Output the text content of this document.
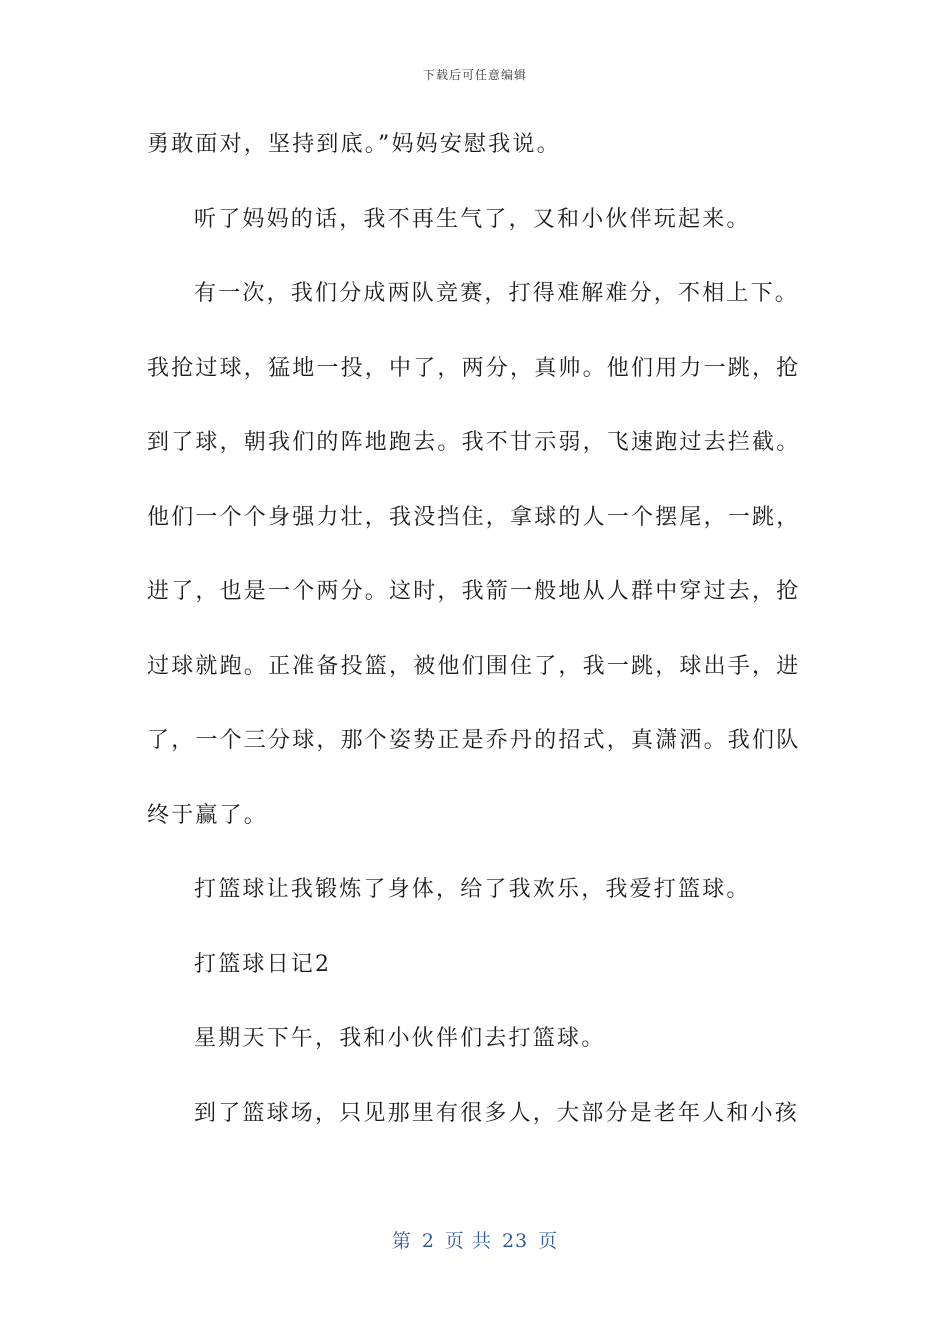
下载后可任意编辑
勇敢面对，坚持到底。”妈妈安慰我说。
听了妈妈的话，我不再生气了，又和小伙伴玩起来。
有一次，我们分成两队竞赛，打得难解难分，不相上下。
我抢过球，猛地一投，中了，两分，真帅。他们用力一跳，抢
到了球，朝我们的阵地跑去。我不甘示弱，飞速跑过去拦截。
他们一个个身强力壮，我没挡住，拿球的人一个摆尾，一跳，
进了，也是一个两分。这时，我箭一般地从人群中穿过去，抢
过球就跑。正准备投篮，被他们围住了，我一跳，球出手，进
了，一个三分球，那个姿势正是乔丹的招式，真潇洒。我们队
终于赢了。
打篮球让我锻炼了身体，给了我欢乐，我爱打篮球。
打篮球日记2
星期天下午，我和小伙伴们去打篮球。
到了篮球场，只见那里有很多人，大部分是老年人和小孩
第 2 页 共 23 页
